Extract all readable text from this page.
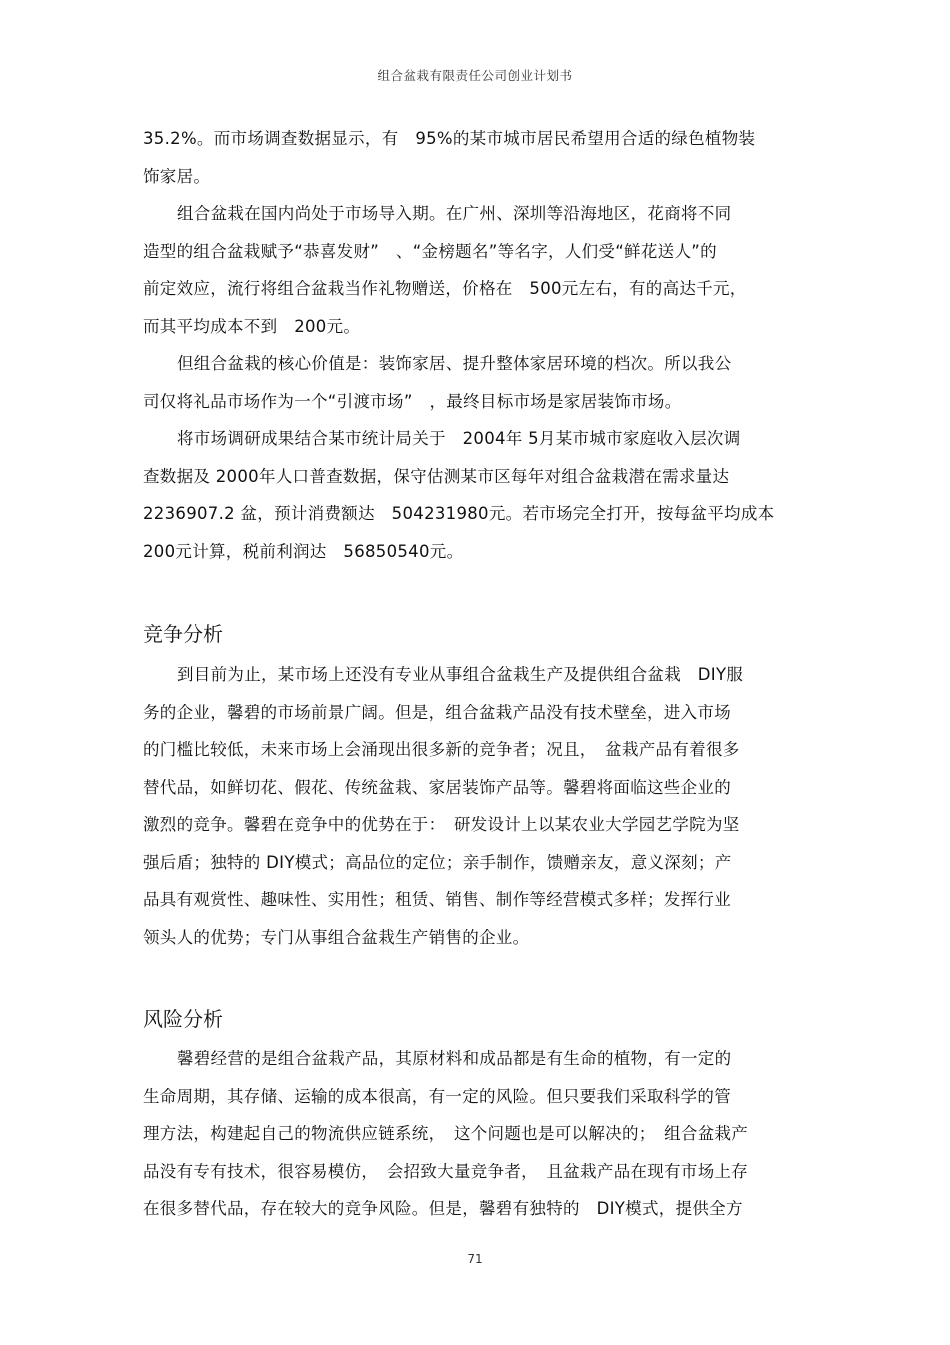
组合盆栽有限责任公司创业计划书
35.2%。而市场调查数据显示，有　95%的某市城市居民希望用合适的绿色植物装
饰家居。
组合盆栽在国内尚处于市场导入期。在广州、深圳等沿海地区，花商将不同
造型的组合盆栽赋予“恭喜发财”　、“金榜题名”等名字，人们受“鲜花送人”的
前定效应，流行将组合盆栽当作礼物赠送，价格在　500元左右，有的高达千元，
而其平均成本不到　200元。
但组合盆栽的核心价值是：装饰家居、提升整体家居环境的档次。所以我公
司仅将礼品市场作为一个“引渡市场”　，最终目标市场是家居装饰市场。
将市场调研成果结合某市统计局关于　2004年 5月某市城市家庭收入层次调
查数据及 2000年人口普查数据，保守估测某市区每年对组合盆栽潜在需求量达
2236907.2 盆，预计消费额达　504231980元。若市场完全打开，按每盆平均成本
200元计算，税前利润达　56850540元。
竞争分析
到目前为止，某市场上还没有专业从事组合盆栽生产及提供组合盆栽　DIY服
务的企业，馨碧的市场前景广阔。但是，组合盆栽产品没有技术壁垒，进入市场
的门槛比较低，未来市场上会涌现出很多新的竞争者；况且，　盆栽产品有着很多
替代品，如鲜切花、假花、传统盆栽、家居装饰产品等。馨碧将面临这些企业的
激烈的竞争。馨碧在竞争中的优势在于：　研发设计上以某农业大学园艺学院为坚
强后盾；独特的 DIY模式；高品位的定位；亲手制作，馈赠亲友，意义深刻；产
品具有观赏性、趣味性、实用性；租赁、销售、制作等经营模式多样；发挥行业
领头人的优势；专门从事组合盆栽生产销售的企业。
风险分析
馨碧经营的是组合盆栽产品，其原材料和成品都是有生命的植物，有一定的
生命周期，其存储、运输的成本很高，有一定的风险。但只要我们采取科学的管
理方法，构建起自己的物流供应链系统，　这个问题也是可以解决的；　组合盆栽产
品没有专有技术，很容易模仿，　会招致大量竞争者，　且盆栽产品在现有市场上存
在很多替代品，存在较大的竞争风险。但是，馨碧有独特的　DIY模式，提供全方
71
